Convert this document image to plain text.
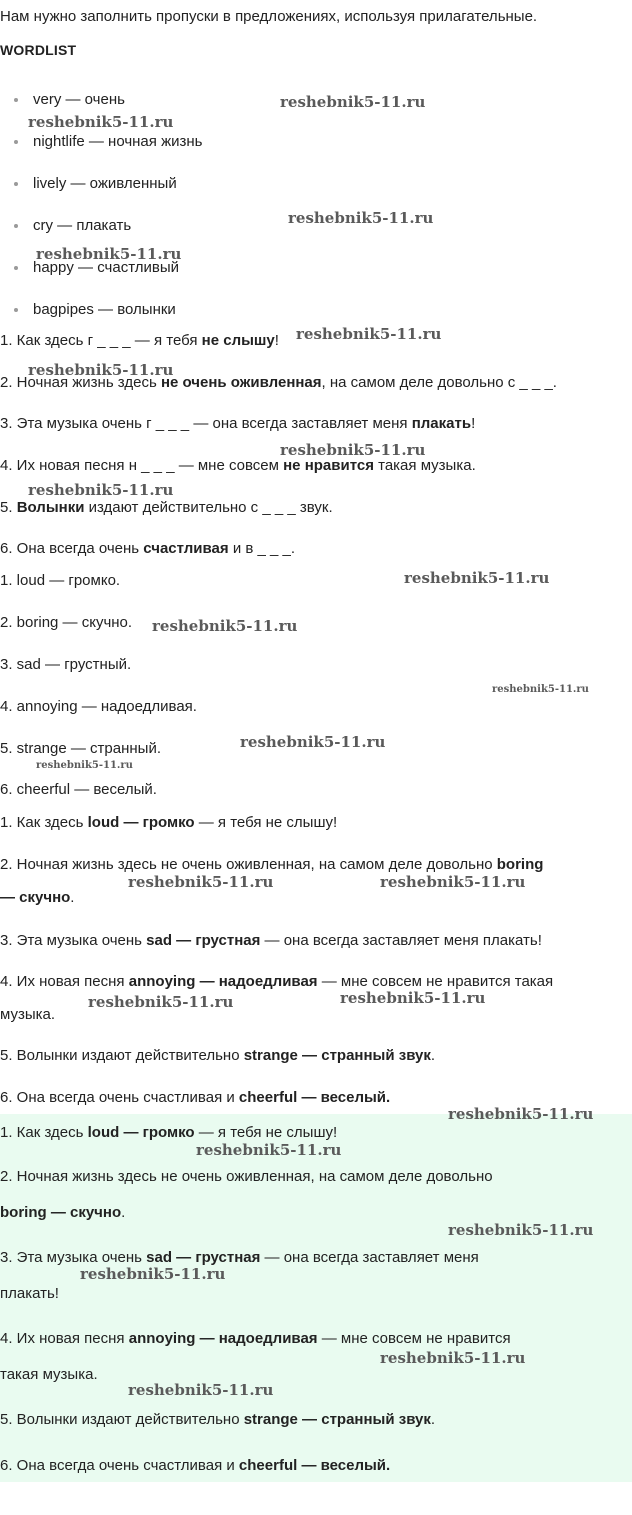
Нам нужно заполнить пропуски в предложениях, используя прилагательные.

WORDLIST

very — очень
nightlife — ночная жизнь
lively — оживленный
cry — плакать
happy — счастливый
bagpipes — волынки

1. Как здесь г _ _ _ — я тебя не слышу!

2. Ночная жизнь здесь не очень оживленная, на самом деле довольно с _ _ _.

3. Эта музыка очень г _ _ _ — она всегда заставляет меня плакать!

4. Их новая песня н _ _ _ — мне совсем не нравится такая музыка.

5. Волынки издают действительно с _ _ _ звук.

6. Она всегда очень счастливая и в _ _ _.

1. loud — громко.

2. boring — скучно.

3. sad — грустный.

4. annoying — надоедливая.

5. strange — странный.

6. cheerful — веселый.

1. Как здесь loud — громко — я тебя не слышу!

2. Ночная жизнь здесь не очень оживленная, на самом деле довольно boring

— скучно.

3. Эта музыка очень sad — грустная — она всегда заставляет меня плакать!

4. Их новая песня annoying — надоедливая — мне совсем не нравится такая

музыка.

5. Волынки издают действительно strange — странный звук.

6. Она всегда очень счастливая и cheerful — веселый.

1. Как здесь loud — громко — я тебя не слышу!

2. Ночная жизнь здесь не очень оживленная, на самом деле довольно

boring — скучно.

3. Эта музыка очень sad — грустная — она всегда заставляет меня

плакать!

4. Их новая песня annoying — надоедливая — мне совсем не нравится

такая музыка.

5. Волынки издают действительно strange — странный звук.

6. Она всегда очень счастливая и cheerful — веселый.

reshebnik5-11.ru
reshebnik5-11.ru
reshebnik5-11.ru
reshebnik5-11.ru
reshebnik5-11.ru
reshebnik5-11.ru
reshebnik5-11.ru
reshebnik5-11.ru
reshebnik5-11.ru
reshebnik5-11.ru
reshebnik5-11.ru
reshebnik5-11.ru
reshebnik5-11.ru
reshebnik5-11.ru	reshebnik5-11.ru
reshebnik5-11.ru	reshebnik5-11.ru
reshebnik5-11.ru
reshebnik5-11.ru
reshebnik5-11.ru
reshebnik5-11.ru
reshebnik5-11.ru
reshebnik5-11.ru
